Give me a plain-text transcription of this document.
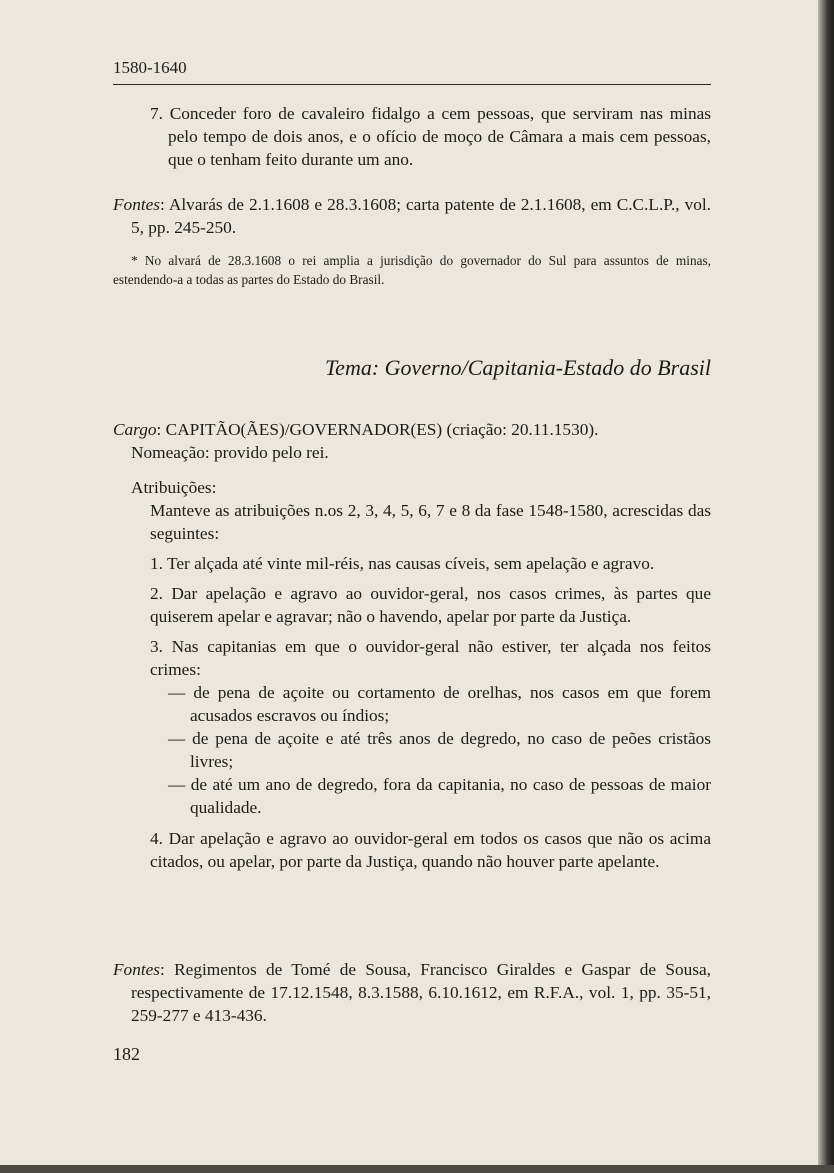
1580-1640

7. Conceder foro de cavaleiro fidalgo a cem pessoas, que serviram nas minas pelo tempo de dois anos, e o ofício de moço de Câmara a mais cem pessoas, que o tenham feito durante um ano.

Fontes: Alvarás de 2.1.1608 e 28.3.1608; carta patente de 2.1.1608, em C.C.L.P., vol. 5, pp. 245-250.

* No alvará de 28.3.1608 o rei amplia a jurisdição do governador do Sul para assuntos de minas, estendendo-a a todas as partes do Estado do Brasil.

Tema: Governo/Capitania-Estado do Brasil

Cargo: CAPITÃO(ÃES)/GOVERNADOR(ES) (criação: 20.11.1530).

Nomeação: provido pelo rei.

Atribuições:

Manteve as atribuições n.os 2, 3, 4, 5, 6, 7 e 8 da fase 1548-1580, acrescidas das seguintes:

1. Ter alçada até vinte mil-réis, nas causas cíveis, sem apelação e agravo.

2. Dar apelação e agravo ao ouvidor-geral, nos casos crimes, às partes que quiserem apelar e agravar; não o havendo, apelar por parte da Justiça.

3. Nas capitanias em que o ouvidor-geral não estiver, ter alçada nos feitos crimes:

— de pena de açoite ou cortamento de orelhas, nos casos em que forem acusados escravos ou índios;

— de pena de açoite e até três anos de degredo, no caso de peões cristãos livres;

— de até um ano de degredo, fora da capitania, no caso de pessoas de maior qualidade.

4. Dar apelação e agravo ao ouvidor-geral em todos os casos que não os acima citados, ou apelar, por parte da Justiça, quando não houver parte apelante.

Fontes: Regimentos de Tomé de Sousa, Francisco Giraldes e Gaspar de Sousa, respectivamente de 17.12.1548, 8.3.1588, 6.10.1612, em R.F.A., vol. 1, pp. 35-51, 259-277 e 413-436.

182
